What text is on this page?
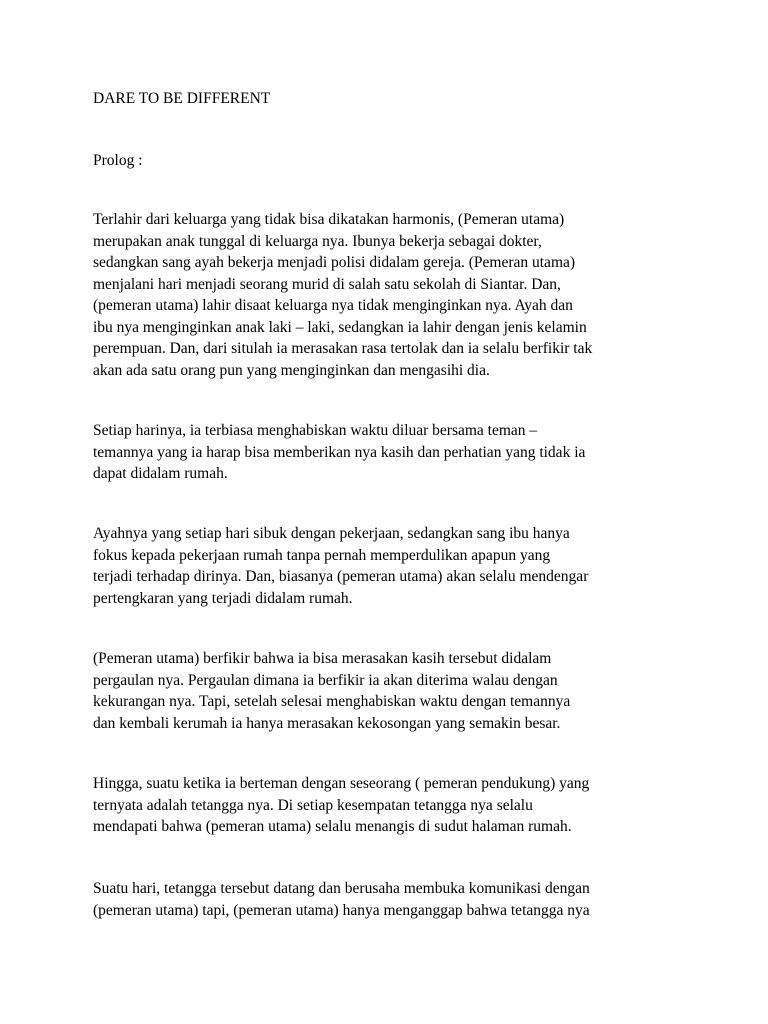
DARE TO BE DIFFERENT
Prolog :

Terlahir dari keluarga yang tidak bisa dikatakan harmonis, (Pemeran utama)
merupakan anak tunggal di keluarga nya. Ibunya bekerja sebagai dokter,
sedangkan sang ayah bekerja menjadi polisi didalam gereja. (Pemeran utama)
menjalani hari menjadi seorang murid di salah satu sekolah di Siantar. Dan,
(pemeran utama) lahir disaat keluarga nya tidak menginginkan nya. Ayah dan
ibu nya menginginkan anak laki – laki, sedangkan ia lahir dengan jenis kelamin
perempuan. Dan, dari situlah ia merasakan rasa tertolak dan ia selalu berfikir tak
akan ada satu orang pun yang menginginkan dan mengasihi dia.

Setiap harinya, ia terbiasa menghabiskan waktu diluar bersama teman –
temannya yang ia harap bisa memberikan nya kasih dan perhatian yang tidak ia
dapat didalam rumah.

Ayahnya yang setiap hari sibuk dengan pekerjaan, sedangkan sang ibu hanya
fokus kepada pekerjaan rumah tanpa pernah memperdulikan apapun yang
terjadi terhadap dirinya. Dan, biasanya (pemeran utama) akan selalu mendengar
pertengkaran yang terjadi didalam rumah.

(Pemeran utama) berfikir bahwa ia bisa merasakan kasih tersebut didalam
pergaulan nya. Pergaulan dimana ia berfikir ia akan diterima walau dengan
kekurangan nya. Tapi, setelah selesai menghabiskan waktu dengan temannya
dan kembali kerumah ia hanya merasakan kekosongan yang semakin besar.

Hingga, suatu ketika ia berteman dengan seseorang ( pemeran pendukung) yang
ternyata adalah tetangga nya. Di setiap kesempatan tetangga nya selalu
mendapati bahwa (pemeran utama) selalu menangis di sudut halaman rumah.

Suatu hari, tetangga tersebut datang dan berusaha membuka komunikasi dengan
(pemeran utama) tapi, (pemeran utama) hanya menganggap bahwa tetangga nya
